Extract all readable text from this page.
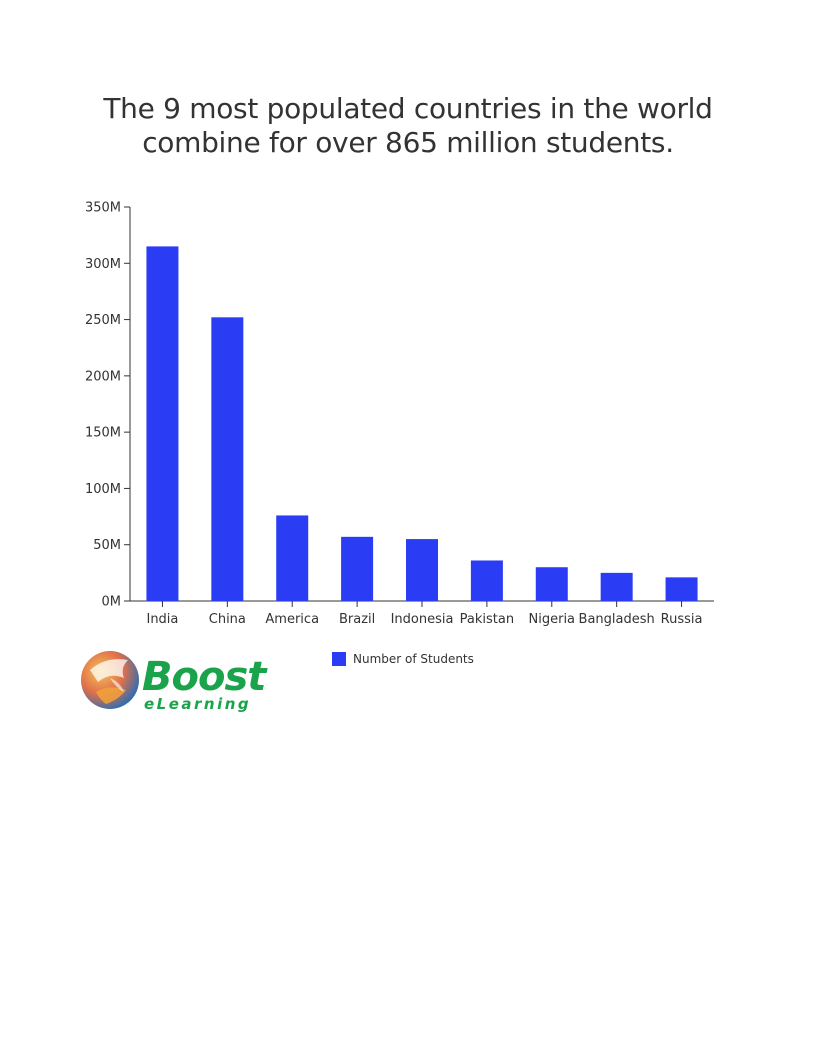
The 9 most populated countries in the world
combine for over 865 million students.
0M
50M
100M
150M
200M
250M
300M
350M
India China America Brazil Indonesia Pakistan Nigeria Bangladesh Russia
Number of Students
Boost
eLearning
